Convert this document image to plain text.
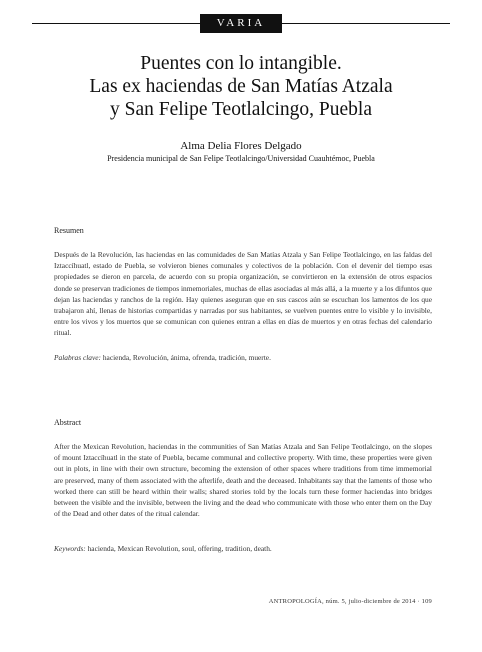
VARIA
Puentes con lo intangible.
Las ex haciendas de San Matías Atzala
y San Felipe Teotlalcingo, Puebla
Alma Delia Flores Delgado
Presidencia municipal de San Felipe Teotlalcingo/Universidad Cuauhtémoc, Puebla
Resumen
Después de la Revolución, las haciendas en las comunidades de San Matías Atzala y San Felipe Teotlalcingo, en las faldas del Iztaccíhuatl, estado de Puebla, se volvieron bienes comunales y colectivos de la población. Con el devenir del tiempo esas propiedades se dieron en parcela, de acuerdo con su propia organización, se convirtieron en la extensión de otros espacios donde se preservan tradiciones de tiempos inmemoriales, muchas de ellas asociadas al más allá, a la muerte y a los difuntos que dejan las haciendas y ranchos de la región. Hay quienes aseguran que en sus cascos aún se escuchan los lamentos de los que trabajaron ahí, llenas de historias compartidas y narradas por sus habitantes, se vuelven puentes entre lo visible y lo invisible, entre los vivos y los muertos que se comunican con quienes entran a ellas en días de muertos y en otras fechas del calendario ritual.
Palabras clave: hacienda, Revolución, ánima, ofrenda, tradición, muerte.
Abstract
After the Mexican Revolution, haciendas in the communities of San Matías Atzala and San Felipe Teotlalcingo, on the slopes of mount Iztaccíhuatl in the state of Puebla, became communal and collective property. With time, these properties were given out in plots, in line with their own structure, becoming the extension of other spaces where traditions from time immemorial are preserved, many of them associated with the afterlife, death and the deceased. Inhabitants say that the laments of those who worked there can still be heard within their walls; shared stories told by the locals turn these former haciendas into bridges between the visible and the invisible, between the living and the dead who communicate with those who enter them on the Day of the Dead and other dates of the ritual calendar.
Keywords: hacienda, Mexican Revolution, soul, offering, tradition, death.
ANTROPOLOGÍA, núm. 5, julio-diciembre de 2014 · 109
